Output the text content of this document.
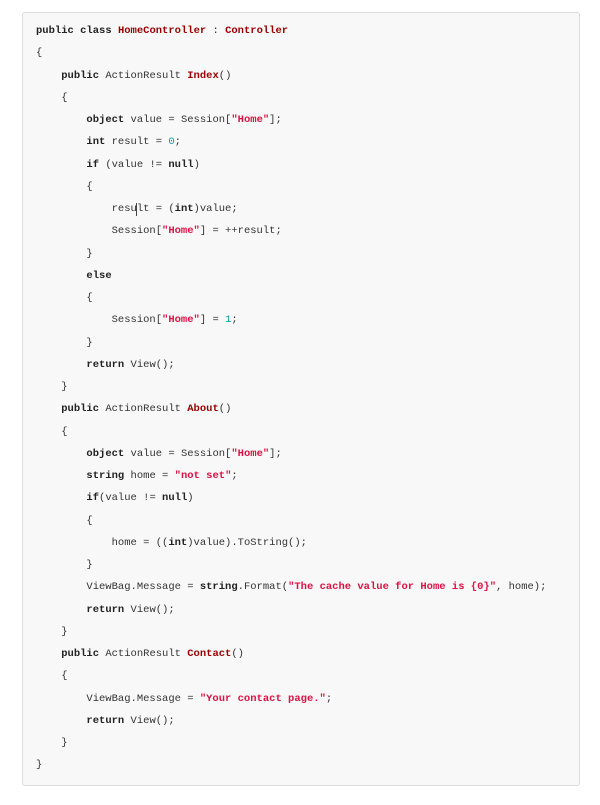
public class HomeController : Controller
{
public ActionResult Index()
{
object value = Session["Home"];
int result = 0;
if (value != null)
{
result = (int)value;
Session["Home"] = ++result;
}
else
{
Session["Home"] = 1;
}
return View();
}
public ActionResult About()
{
object value = Session["Home"];
string home = "not set";
if(value != null)
{
home = ((int)value).ToString();
}
ViewBag.Message = string.Format("The cache value for Home is {0}", home);
return View();
}
public ActionResult Contact()
{
ViewBag.Message = "Your contact page.";
return View();
}
}
